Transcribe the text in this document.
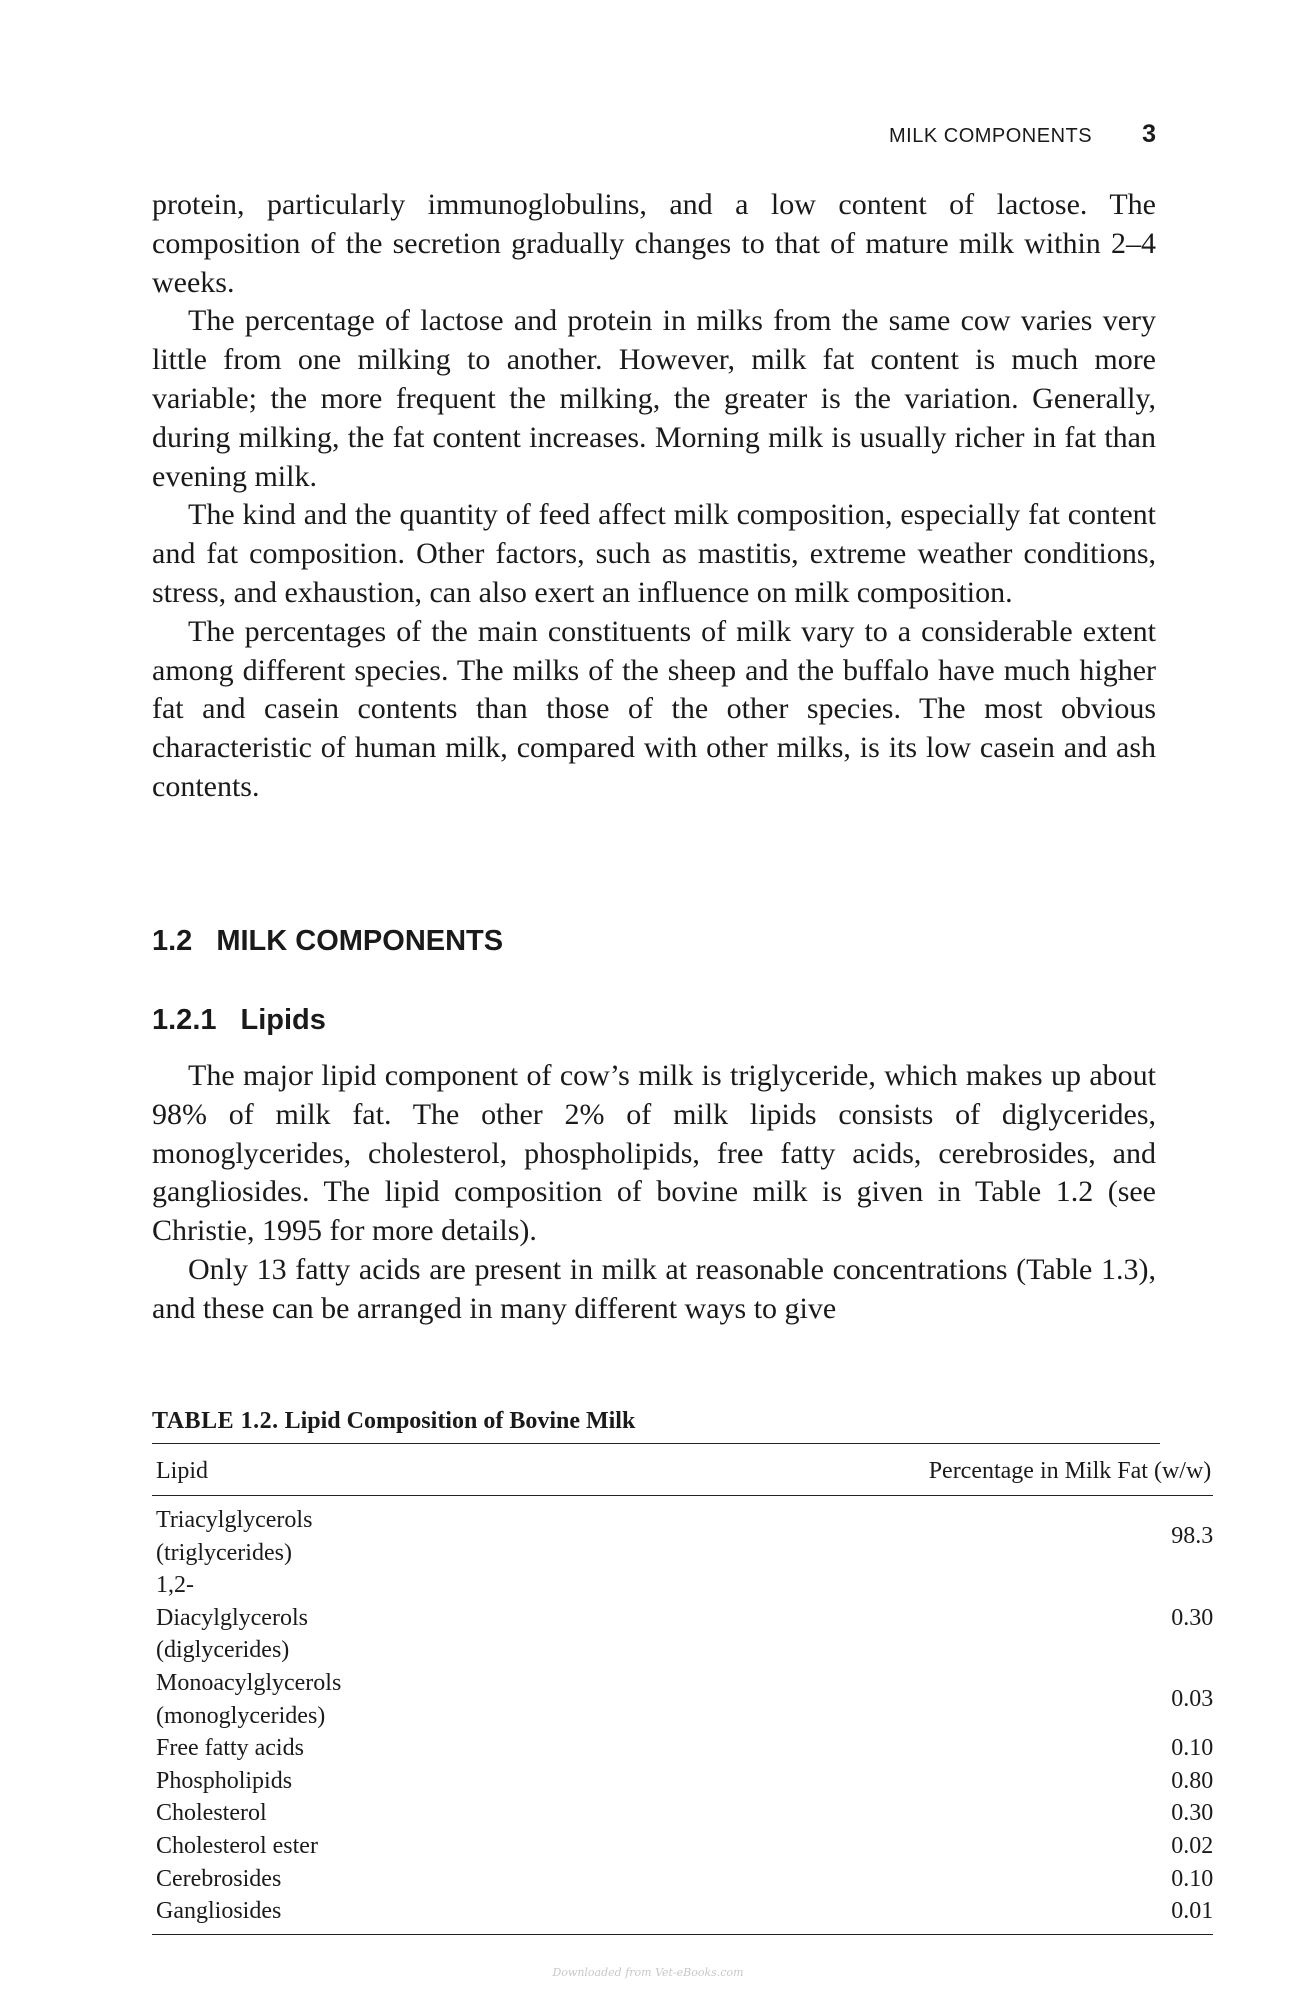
MILK COMPONENTS 3

protein, particularly immunoglobulins, and a low content of lactose. The composition of the secretion gradually changes to that of mature milk within 2–4 weeks.

The percentage of lactose and protein in milks from the same cow varies very little from one milking to another. However, milk fat content is much more variable; the more frequent the milking, the greater is the variation. Generally, during milking, the fat content increases. Morning milk is usually richer in fat than evening milk.

The kind and the quantity of feed affect milk composition, especially fat content and fat composition. Other factors, such as mastitis, extreme weather conditions, stress, and exhaustion, can also exert an influence on milk composition.

The percentages of the main constituents of milk vary to a considerable extent among different species. The milks of the sheep and the buffalo have much higher fat and casein contents than those of the other species. The most obvious characteristic of human milk, compared with other milks, is its low casein and ash contents.

1.2 MILK COMPONENTS
1.2.1 Lipids

The major lipid component of cow’s milk is triglyceride, which makes up about 98% of milk fat. The other 2% of milk lipids consists of diglycerides, monoglycerides, cholesterol, phospholipids, free fatty acids, cerebrosides, and gangliosides. The lipid composition of bovine milk is given in Table 1.2 (see Christie, 1995 for more details).

Only 13 fatty acids are present in milk at reasonable concentrations (Table 1.3), and these can be arranged in many different ways to give

TABLE 1.2. Lipid Composition of Bovine Milk
Lipid	Percentage in Milk Fat (w/w)
Triacylglycerols (triglycerides)	98.3
1,2-Diacylglycerols (diglycerides)	0.30
Monoacylglycerols (monoglycerides)	0.03
Free fatty acids	0.10
Phospholipids	0.80
Cholesterol	0.30
Cholesterol ester	0.02
Cerebrosides	0.10
Gangliosides	0.01
Downloaded from Vet-eBooks.com
